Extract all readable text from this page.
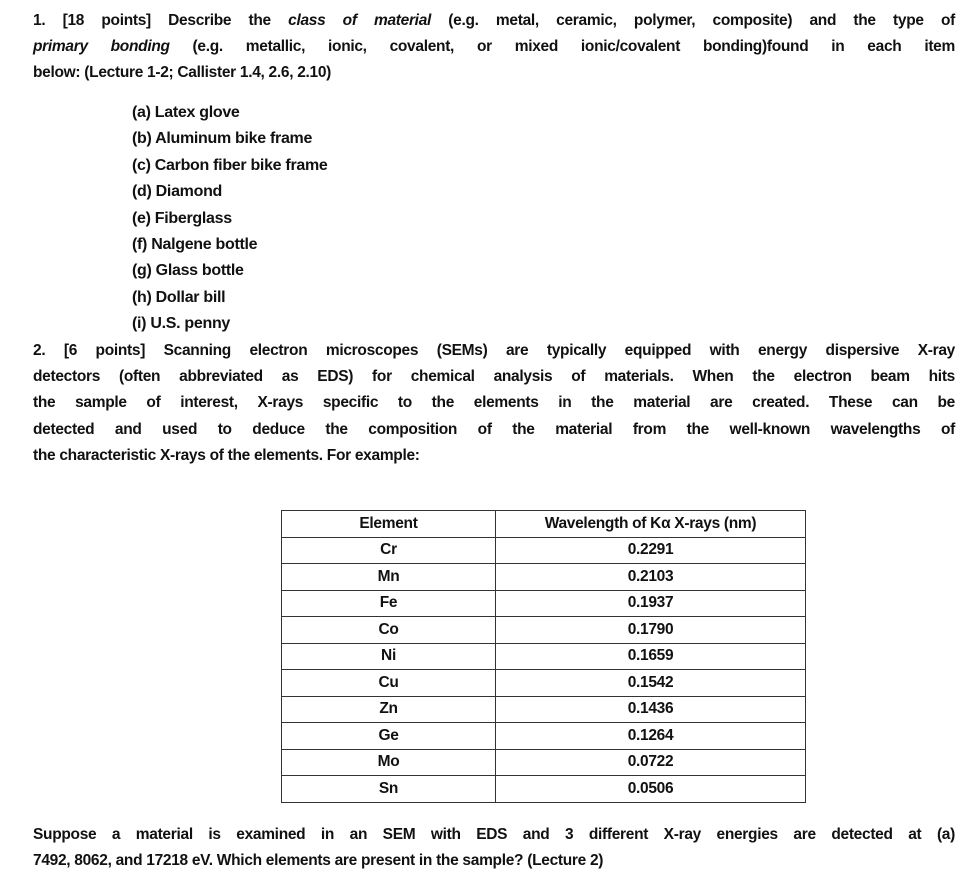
1. [18 points] Describe the class of material (e.g. metal, ceramic, polymer, composite) and the type of
primary bonding (e.g. metallic, ionic, covalent, or mixed ionic/covalent bonding)found in each item
below: (Lecture 1-2; Callister 1.4, 2.6, 2.10)
(a) Latex glove
(b) Aluminum bike frame
(c) Carbon fiber bike frame
(d) Diamond
(e) Fiberglass
(f) Nalgene bottle
(g) Glass bottle
(h) Dollar bill
(i) U.S. penny
2. [6 points] Scanning electron microscopes (SEMs) are typically equipped with energy dispersive X-ray
detectors (often abbreviated as EDS) for chemical analysis of materials. When the electron beam hits
the sample of interest, X-rays specific to the elements in the material are created. These can be
detected and used to deduce the composition of the material from the well-known wavelengths of
the characteristic X-rays of the elements. For example:
Element	Wavelength of Kα X-rays (nm)
Cr	0.2291
Mn	0.2103
Fe	0.1937
Co	0.1790
Ni	0.1659
Cu	0.1542
Zn	0.1436
Ge	0.1264
Mo	0.0722
Sn	0.0506
Suppose a material is examined in an SEM with EDS and 3 different X-ray energies are detected at (a)
7492, 8062, and 17218 eV. Which elements are present in the sample? (Lecture 2)
